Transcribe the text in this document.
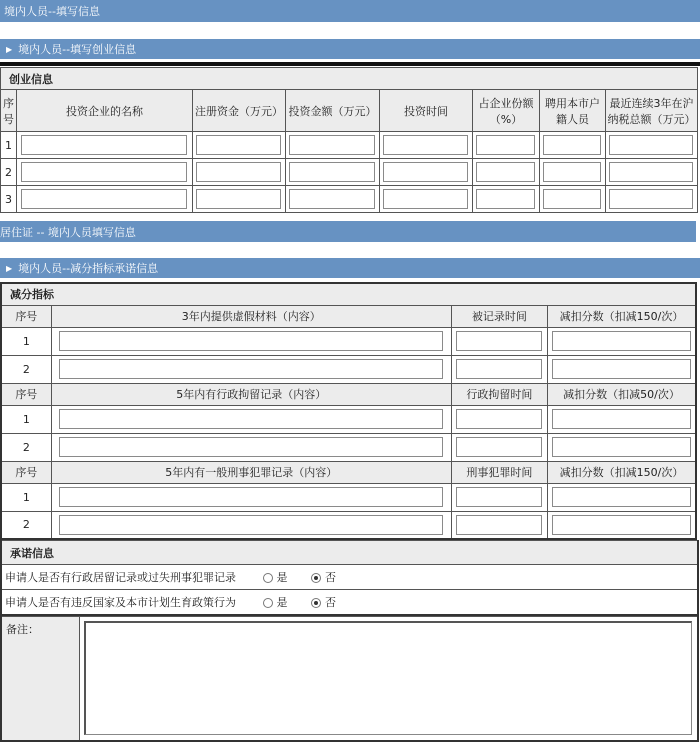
境内人员--填写信息
▶ 境内人员--填写创业信息
创业信息							
序号	投资企业的名称	注册资金（万元）	投资金额（万元）	投资时间	占企业份额（%）	聘用本市户籍人员	最近连续3年在沪纳税总额（万元）
1	

2	

3	

居住证 -- 境内人员填写信息
▶ 境内人员--减分指标承诺信息
减分指标			
序号	3年内提供虚假材料（内容）	被记录时间	减扣分数（扣减150/次）
1	

2	

序号	5年内有行政拘留记录（内容）	行政拘留时间	减扣分数（扣减50/次）
1	

2	

序号	5年内有一般刑事犯罪记录（内容）	刑事犯罪时间	减扣分数（扣减150/次）
1	

2	

承诺信息
申请人是否有行政居留记录或过失刑事犯罪记录	是	否
申请人是否有违反国家及本市计划生育政策行为	是	否
备注：	
